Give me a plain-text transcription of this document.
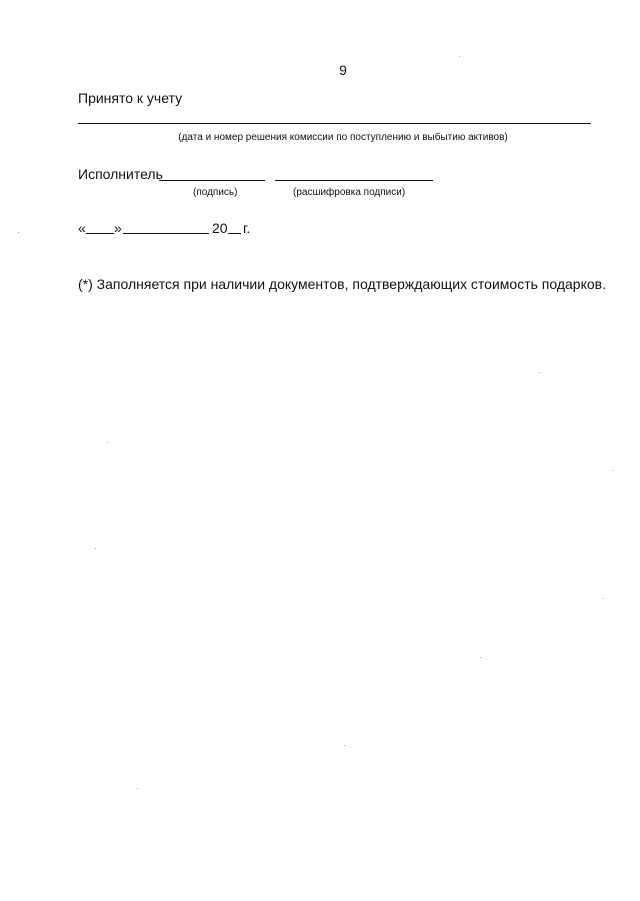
9
Принято к учету
(дата и номер решения комиссии по поступлению и выбытию активов)
Исполнитель
(подпись)	(расшифровка подписи)
« »	20 г.
(*) Заполняется при наличии документов, подтверждающих стоимость подарков.
